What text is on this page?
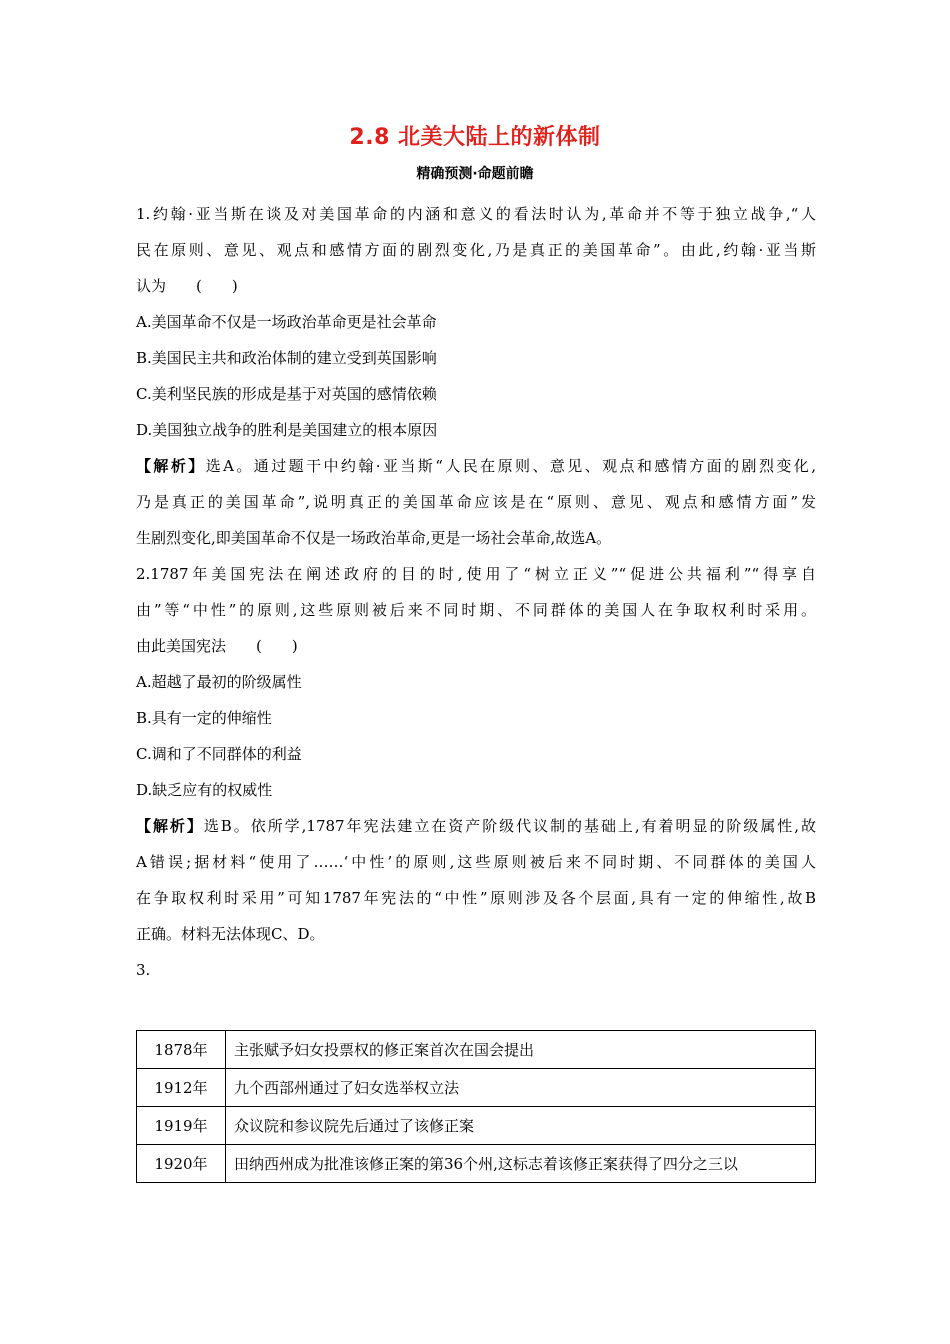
2.8 北美大陆上的新体制
精确预测·命题前瞻
1.约翰·亚当斯在谈及对美国革命的内涵和意义的看法时认为,革命并不等于独立战争,“人
民在原则、意见、观点和感情方面的剧烈变化,乃是真正的美国革命”。由此,约翰·亚当斯
认为 (　　)
A.美国革命不仅是一场政治革命更是社会革命
B.美国民主共和政治体制的建立受到英国影响
C.美利坚民族的形成是基于对英国的感情依赖
D.美国独立战争的胜利是美国建立的根本原因
【解析】选A。通过题干中约翰·亚当斯“人民在原则、意见、观点和感情方面的剧烈变化,
乃是真正的美国革命”,说明真正的美国革命应该是在“原则、意见、观点和感情方面”发
生剧烈变化,即美国革命不仅是一场政治革命,更是一场社会革命,故选A。
2.1787年美国宪法在阐述政府的目的时,使用了“树立正义”“促进公共福利”“得享自
由”等“中性”的原则,这些原则被后来不同时期、不同群体的美国人在争取权利时采用。
由此美国宪法 (　　)
A.超越了最初的阶级属性
B.具有一定的伸缩性
C.调和了不同群体的利益
D.缺乏应有的权威性
【解析】选B。依所学,1787年宪法建立在资产阶级代议制的基础上,有着明显的阶级属性,故
A错误;据材料“使用了……‘中性’的原则,这些原则被后来不同时期、不同群体的美国人
在争取权利时采用”可知1787年宪法的“中性”原则涉及各个层面,具有一定的伸缩性,故B
正确。材料无法体现C、D。
3.
1878年	主张赋予妇女投票权的修正案首次在国会提出
1912年	九个西部州通过了妇女选举权立法
1919年	众议院和参议院先后通过了该修正案
1920年	田纳西州成为批准该修正案的第36个州,这标志着该修正案获得了四分之三以
